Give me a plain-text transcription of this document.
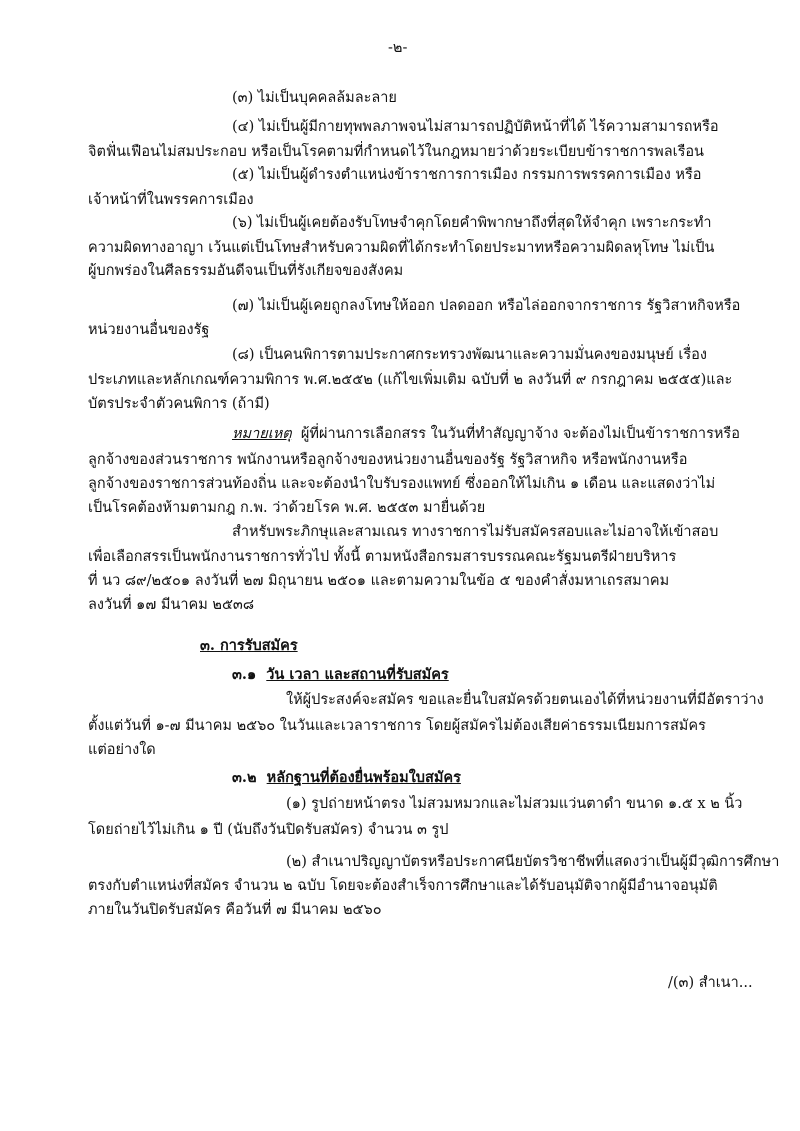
-๒-
(๓) ไม่เป็นบุคคลล้มละลาย
(๔) ไม่เป็นผู้มีกายทุพพลภาพจนไม่สามารถปฏิบัติหน้าที่ได้ ไร้ความสามารถหรือ
จิตฟั่นเฟือนไม่สมประกอบ หรือเป็นโรคตามที่กำหนดไว้ในกฎหมายว่าด้วยระเบียบข้าราชการพลเรือน
(๕) ไม่เป็นผู้ดำรงตำแหน่งข้าราชการการเมือง กรรมการพรรคการเมือง หรือ
เจ้าหน้าที่ในพรรคการเมือง
(๖) ไม่เป็นผู้เคยต้องรับโทษจำคุกโดยคำพิพากษาถึงที่สุดให้จำคุก เพราะกระทำ
ความผิดทางอาญา เว้นแต่เป็นโทษสำหรับความผิดที่ได้กระทำโดยประมาทหรือความผิดลหุโทษ ไม่เป็น
ผู้บกพร่องในศีลธรรมอันดีจนเป็นที่รังเกียจของสังคม
(๗) ไม่เป็นผู้เคยถูกลงโทษให้ออก ปลดออก หรือไล่ออกจากราชการ รัฐวิสาหกิจหรือ
หน่วยงานอื่นของรัฐ
(๘) เป็นคนพิการตามประกาศกระทรวงพัฒนาและความมั่นคงของมนุษย์ เรื่อง
ประเภทและหลักเกณฑ์ความพิการ พ.ศ.๒๕๕๒ (แก้ไขเพิ่มเติม ฉบับที่ ๒ ลงวันที่ ๙ กรกฎาคม ๒๕๕๕)และ
บัตรประจำตัวคนพิการ (ถ้ามี)
หมายเหตุ ผู้ที่ผ่านการเลือกสรร ในวันที่ทำสัญญาจ้าง จะต้องไม่เป็นข้าราชการหรือ
ลูกจ้างของส่วนราชการ พนักงานหรือลูกจ้างของหน่วยงานอื่นของรัฐ รัฐวิสาหกิจ หรือพนักงานหรือ
ลูกจ้างของราชการส่วนท้องถิ่น และจะต้องนำใบรับรองแพทย์ ซึ่งออกให้ไม่เกิน ๑ เดือน และแสดงว่าไม่
เป็นโรคต้องห้ามตามกฎ ก.พ. ว่าด้วยโรค พ.ศ. ๒๕๕๓ มายื่นด้วย
สำหรับพระภิกษุและสามเณร ทางราชการไม่รับสมัครสอบและไม่อาจให้เข้าสอบ
เพื่อเลือกสรรเป็นพนักงานราชการทั่วไป ทั้งนี้ ตามหนังสือกรมสารบรรณคณะรัฐมนตรีฝ่ายบริหาร
ที่ นว ๘๙/๒๕๐๑ ลงวันที่ ๒๗ มิถุนายน ๒๕๐๑ และตามความในข้อ ๕ ของคำสั่งมหาเถรสมาคม
ลงวันที่ ๑๗ มีนาคม ๒๕๓๘
๓. การรับสมัคร
๓.๑ วัน เวลา และสถานที่รับสมัคร
ให้ผู้ประสงค์จะสมัคร ขอและยื่นใบสมัครด้วยตนเองได้ที่หน่วยงานที่มีอัตราว่าง
ตั้งแต่วันที่ ๑-๗ มีนาคม ๒๕๖๐ ในวันและเวลาราชการ โดยผู้สมัครไม่ต้องเสียค่าธรรมเนียมการสมัคร
แต่อย่างใด
๓.๒ หลักฐานที่ต้องยื่นพร้อมใบสมัคร
(๑) รูปถ่ายหน้าตรง ไม่สวมหมวกและไม่สวมแว่นตาดำ ขนาด ๑.๕ x ๒ นิ้ว
โดยถ่ายไว้ไม่เกิน ๑ ปี (นับถึงวันปิดรับสมัคร) จำนวน ๓ รูป
(๒) สำเนาปริญญาบัตรหรือประกาศนียบัตรวิชาชีพที่แสดงว่าเป็นผู้มีวุฒิการศึกษา
ตรงกับตำแหน่งที่สมัคร จำนวน ๒ ฉบับ โดยจะต้องสำเร็จการศึกษาและได้รับอนุมัติจากผู้มีอำนาจอนุมัติ
ภายในวันปิดรับสมัคร คือวันที่ ๗ มีนาคม ๒๕๖๐
/(๓) สำเนา...
